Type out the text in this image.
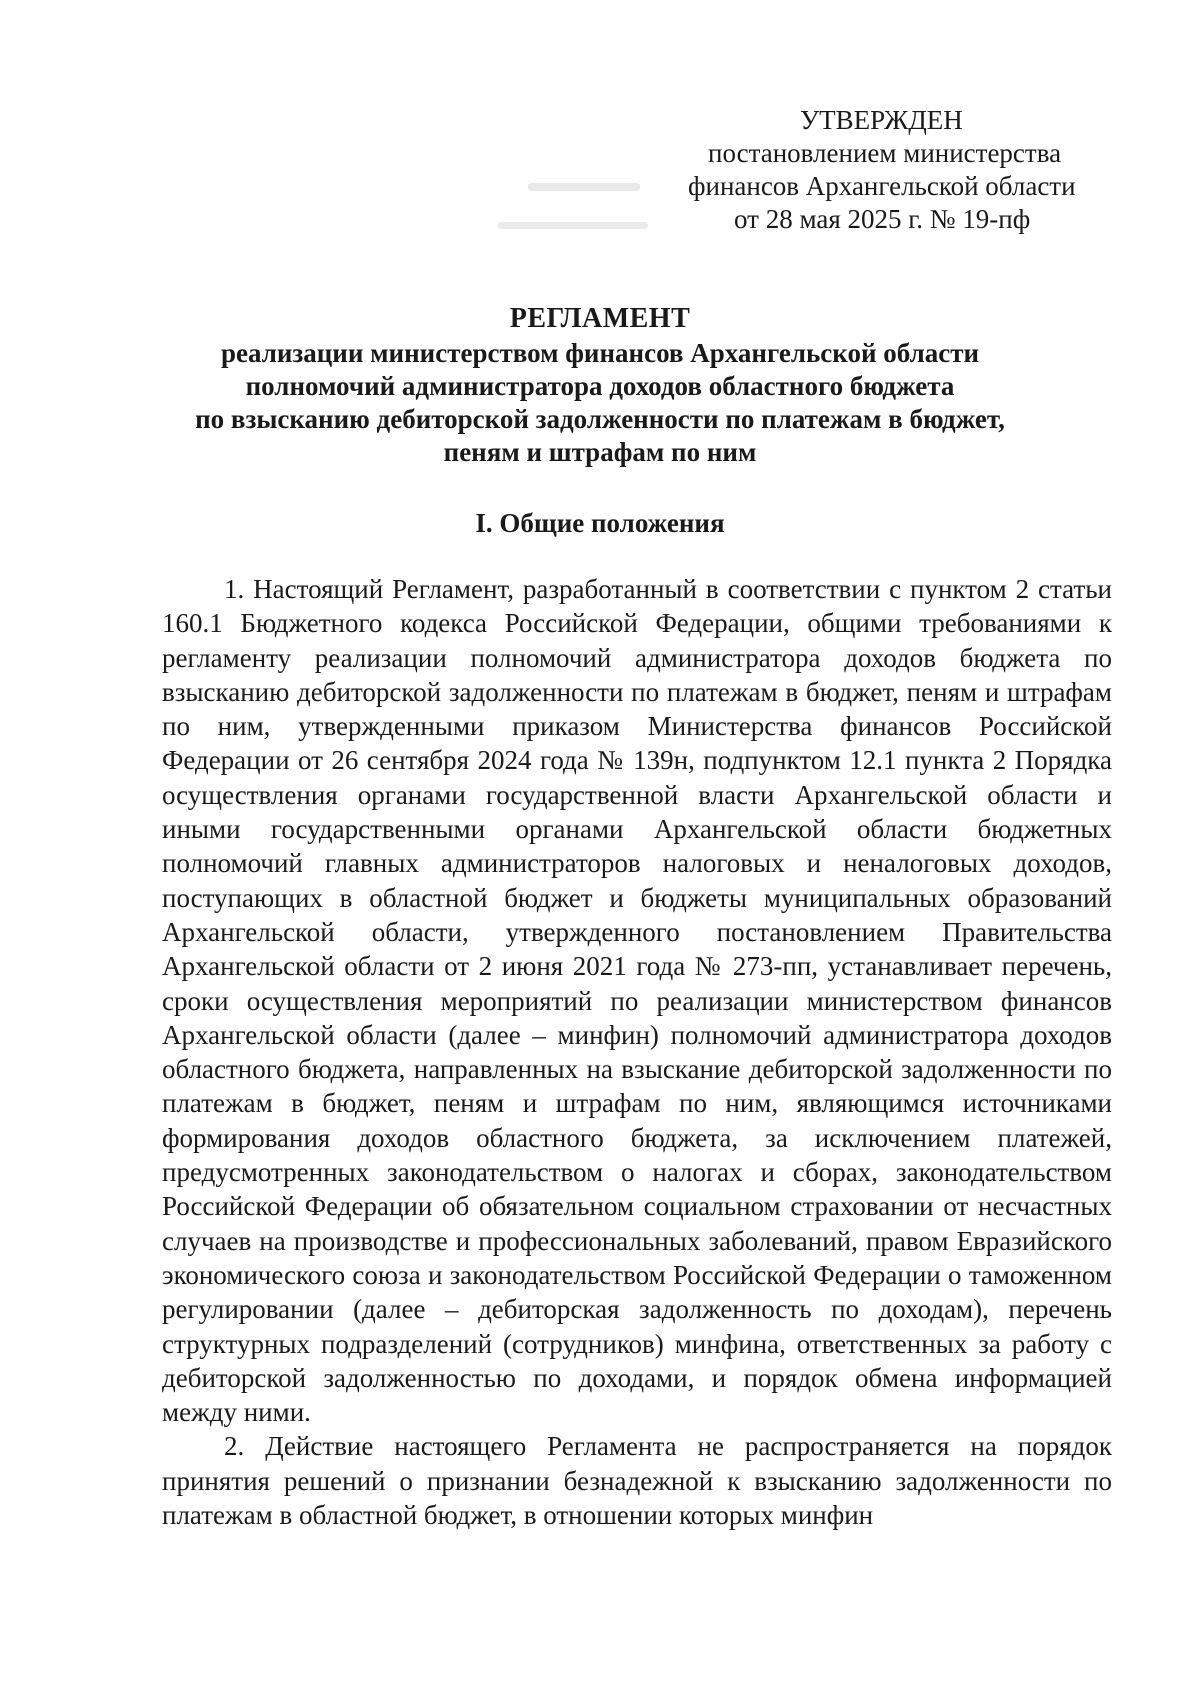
УТВЕРЖДЕН
постановлением министерства
финансов Архангельской области
от 28 мая 2025 г. № 19-пф
РЕГЛАМЕНТ
реализации министерством финансов Архангельской области
полномочий администратора доходов областного бюджета
по взысканию дебиторской задолженности по платежам в бюджет,
пеням и штрафам по ним
I. Общие положения

1. Настоящий Регламент, разработанный в соответствии с пунктом 2 статьи 160.1 Бюджетного кодекса Российской Федерации, общими требованиями к регламенту реализации полномочий администратора доходов бюджета по взысканию дебиторской задолженности по платежам в бюджет, пеням и штрафам по ним, утвержденными приказом Министерства финансов Российской Федерации от 26 сентября 2024 года № 139н, подпунктом 12.1 пункта 2 Порядка осуществления органами государственной власти Архангельской области и иными государственными органами Архангельской области бюджетных полномочий главных администраторов налоговых и неналоговых доходов, поступающих в областной бюджет и бюджеты муниципальных образований Архангельской области, утвержденного постановлением Правительства Архангельской области от 2 июня 2021 года № 273-пп, устанавливает перечень, сроки осуществления мероприятий по реализации министерством финансов Архангельской области (далее – минфин) полномочий администратора доходов областного бюджета, направленных на взыскание дебиторской задолженности по платежам в бюджет, пеням и штрафам по ним, являющимся источниками формирования доходов областного бюджета, за исключением платежей, предусмотренных законодательством о налогах и сборах, законодательством Российской Федерации об обязательном социальном страховании от несчастных случаев на производстве и профессиональных заболеваний, правом Евразийского экономического союза и законодательством Российской Федерации о таможенном регулировании (далее – дебиторская задолженность по доходам), перечень структурных подразделений (сотрудников) минфина, ответственных за работу с дебиторской задолженностью по доходами, и порядок обмена информацией между ними.

2. Действие настоящего Регламента не распространяется на порядок принятия решений о признании безнадежной к взысканию задолженности по платежам в областной бюджет, в отношении которых минфин
